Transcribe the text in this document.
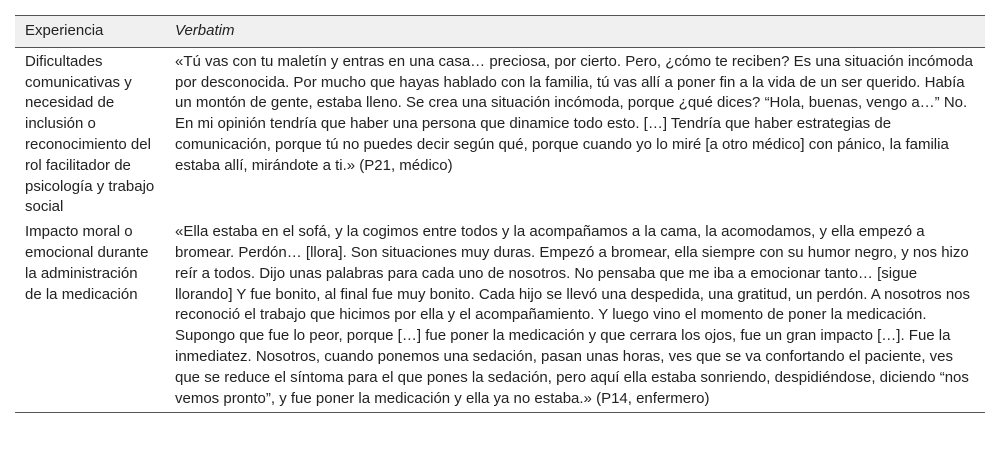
Experiencia	Verbatim
Dificultades comunicativas y necesidad de inclusión o reconocimiento del rol facilitador de psicología y trabajo social	«Tú vas con tu maletín y entras en una casa… preciosa, por cierto. Pero, ¿cómo te reciben? Es una situación incómoda por desconocida. Por mucho que hayas hablado con la familia, tú vas allí a poner fin a la vida de un ser querido. Había un montón de gente, estaba lleno. Se crea una situación incómoda, porque ¿qué dices? “Hola, buenas, vengo a…” No. En mi opinión tendría que haber una persona que dinamice todo esto. […] Tendría que haber estrategias de comunicación, porque tú no puedes decir según qué, porque cuando yo lo miré [a otro médico] con pánico, la familia estaba allí, mirándote a ti.» (P21, médico)
Impacto moral o emocional durante la administración de la medicación	«Ella estaba en el sofá, y la cogimos entre todos y la acompañamos a la cama, la acomodamos, y ella empezó a bromear. Perdón… [llora]. Son situaciones muy duras. Empezó a bromear, ella siempre con su humor negro, y nos hizo reír a todos. Dijo unas palabras para cada uno de nosotros. No pensaba que me iba a emocionar tanto… [sigue llorando] Y fue bonito, al final fue muy bonito. Cada hijo se llevó una despedida, una gratitud, un perdón. A nosotros nos reconoció el trabajo que hicimos por ella y el acompañamiento. Y luego vino el momento de poner la medicación. Supongo que fue lo peor, porque […] fue poner la medicación y que cerrara los ojos, fue un gran impacto […]. Fue la inmediatez. Nosotros, cuando ponemos una sedación, pasan unas horas, ves que se va confortando el paciente, ves que se reduce el síntoma para el que pones la sedación, pero aquí ella estaba sonriendo, despidiéndose, diciendo “nos vemos pronto”, y fue poner la medicación y ella ya no estaba.» (P14, enfermero)
